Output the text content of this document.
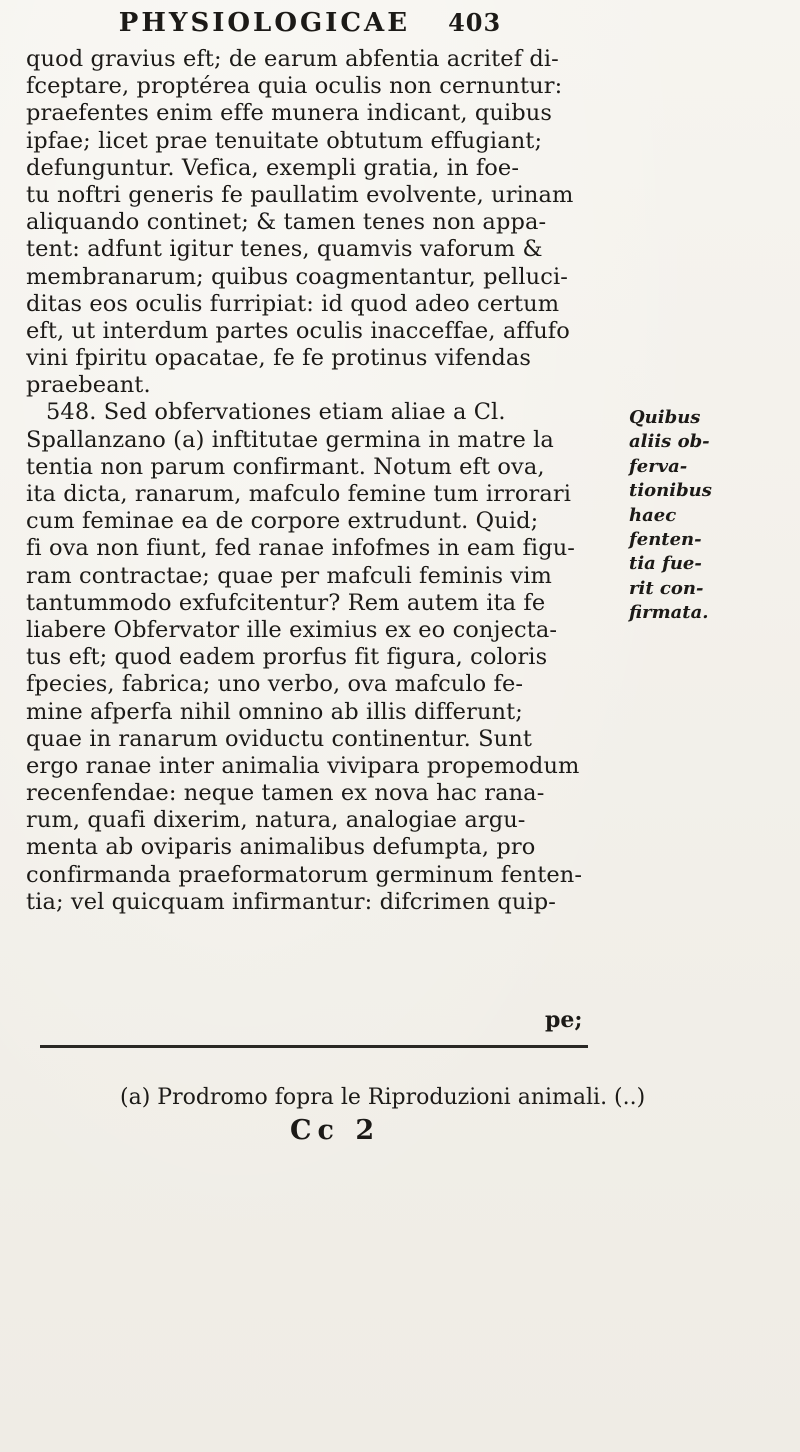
PHYSIOLOGICAE 403
quod gravius eft; de earum abfentia acritef di-
fceptare, proptérea quia oculis non cernuntur:
praefentes enim effe munera indicant, quibus
ipfae; licet prae tenuitate obtutum effugiant;
defunguntur. Vefica, exempli gratia, in foe-
tu noftri generis fe paullatim evolvente, urinam
aliquando continet; & tamen tenes non appa-
tent: adfunt igitur tenes, quamvis vaforum &
membranarum; quibus coagmentantur, pelluci-
ditas eos oculis furripiat: id quod adeo certum
eft, ut interdum partes oculis inacceffae, affufo
vini fpiritu opacatae, fe fe protinus vifendas
praebeant.
548. Sed obfervationes etiam aliae a Cl.
Spallanzano (a) inftitutae germina in matre la
tentia non parum confirmant. Notum eft ova,
ita dicta, ranarum, mafculo femine tum irrorari
cum feminae ea de corpore extrudunt. Quid;
fi ova non fiunt, fed ranae infofmes in eam figu-
ram contractae; quae per mafculi feminis vim
tantummodo exfufcitentur? Rem autem ita fe
liabere Obfervator ille eximius ex eo conjecta-
tus eft; quod eadem prorfus fit figura, coloris
fpecies, fabrica; uno verbo, ova mafculo fe-
mine afperfa nihil omnino ab illis differunt;
quae in ranarum oviductu continentur. Sunt
ergo ranae inter animalia vivipara propemodum
recenfendae: neque tamen ex nova hac rana-
rum, quafi dixerim, natura, analogiae argu-
menta ab oviparis animalibus defumpta, pro
confirmanda praeformatorum germinum fenten-
tia; vel quicquam infirmantur: difcrimen quip-
Quibus
aliis ob-
ferva-
tionibus
haec
fenten-
tia fue-
rit con-
firmata.
pe;
(a) Prodromo fopra le Riproduzioni animali. (..)
Cc 2
